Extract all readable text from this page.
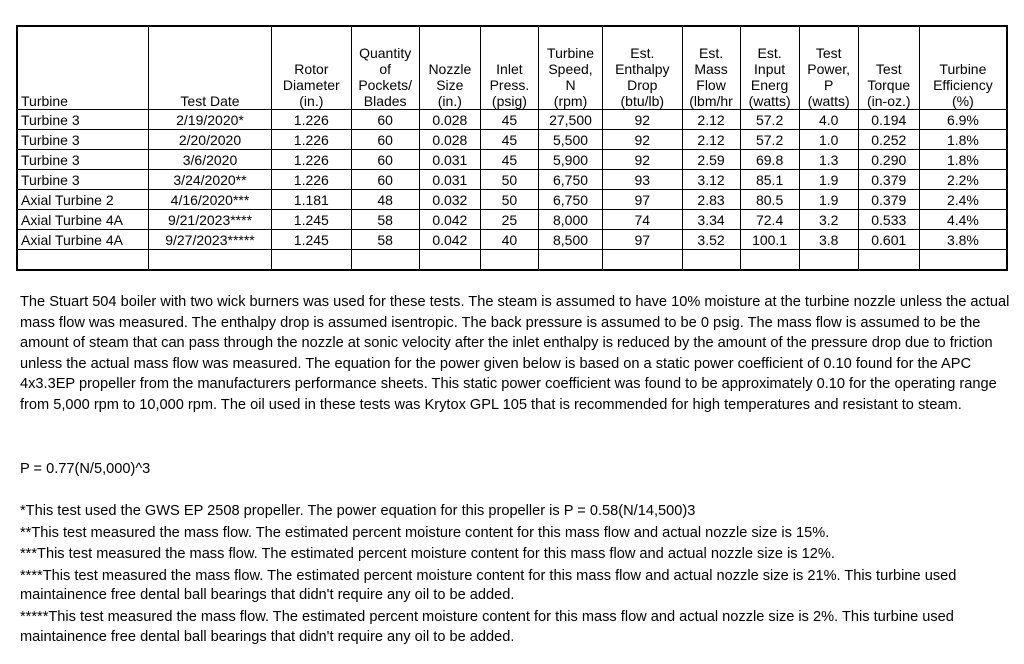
Turbine	Test Date	Rotor
Diameter
(in.)	Quantity
of
Pockets/
Blades	Nozzle
Size
(in.)	Inlet
Press.
(psig)	Turbine
Speed,
N
(rpm)	Est.
Enthalpy
Drop
(btu/lb)	Est.
Mass
Flow
(lbm/hr	Est.
Input
Energ
(watts)	Test
Power,
P
(watts)	Test
Torque
(in-oz.)	Turbine
Efficiency
(%)
Turbine 3	2/19/2020*	1.226	60	0.028	45	27,500	92	2.12	57.2	4.0	0.194	6.9%
Turbine 3	2/20/2020	1.226	60	0.028	45	5,500	92	2.12	57.2	1.0	0.252	1.8%
Turbine 3	3/6/2020	1.226	60	0.031	45	5,900	92	2.59	69.8	1.3	0.290	1.8%
Turbine 3	3/24/2020**	1.226	60	0.031	50	6,750	93	3.12	85.1	1.9	0.379	2.2%
Axial Turbine 2	4/16/2020***	1.181	48	0.032	50	6,750	97	2.83	80.5	1.9	0.379	2.4%
Axial Turbine 4A	9/21/2023****	1.245	58	0.042	25	8,000	74	3.34	72.4	3.2	0.533	4.4%
Axial Turbine 4A	9/27/2023*****	1.245	58	0.042	40	8,500	97	3.52	100.1	3.8	0.601	3.8%

The Stuart 504 boiler with two wick burners was used for these tests. The steam is assumed to have 10% moisture at the turbine nozzle unless the actual mass flow was measured. The enthalpy drop is assumed isentropic. The back pressure is assumed to be 0 psig. The mass flow is assumed to be the amount of steam that can pass through the nozzle at sonic velocity after the inlet enthalpy is reduced by the amount of the pressure drop due to friction unless the actual mass flow was measured. The equation for the power given below is based on a static power coefficient of 0.10 found for the APC 4x3.3EP propeller from the manufacturers performance sheets. This static power coefficient was found to be approximately 0.10 for the operating range from 5,000 rpm to 10,000 rpm. The oil used in these tests was Krytox GPL 105 that is recommended for high temperatures and resistant to steam.

P = 0.77(N/5,000)^3

*This test used the GWS EP 2508 propeller. The power equation for this propeller is P = 0.58(N/14,500)3

**This test measured the mass flow. The estimated percent moisture content for this mass flow and actual nozzle size is 15%.

***This test measured the mass flow. The estimated percent moisture content for this mass flow and actual nozzle size is 12%.

****This test measured the mass flow. The estimated percent moisture content for this mass flow and actual nozzle size is 21%. This turbine used maintainence free dental ball bearings that didn't require any oil to be added.

*****This test measured the mass flow. The estimated percent moisture content for this mass flow and actual nozzle size is 2%. This turbine used maintainence free dental ball bearings that didn't require any oil to be added.
